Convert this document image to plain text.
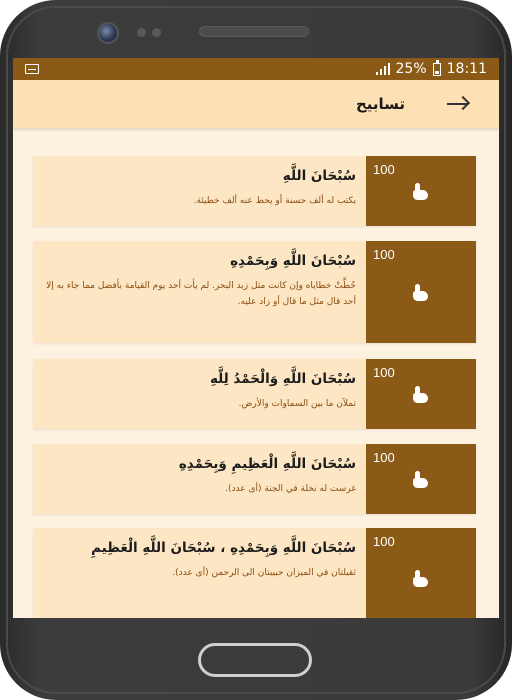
25% 18:11
تسابيح
سُبْحَانَ اللَّهِ
يكتب له ألف حسنة أو يحط عنه ألف خطيئة.
100
سُبْحَانَ اللَّهِ وَبِحَمْدِهِ
حُطَّتْ خطاياه وإن كانت مثل زبد البحر. لم يأت أحد يوم القيامة بأفضل مما جاء به إلا أحد قال مثل ما قال أو زاد عليه.
100
سُبْحَانَ اللَّهِ وَالْحَمْدُ لِلَّهِ
تملآن ما بين السماوات والأرض.
100
سُبْحَانَ اللَّهِ الْعَظِيمِ وَبِحَمْدِهِ
غرست له نخلة في الجنة (أى عدد).
100
سُبْحَانَ اللَّهِ وَبِحَمْدِهِ ، سُبْحَانَ اللَّهِ الْعَظِيمِ
ثقيلتان في الميزان حبيبتان الى الرحمن (أى عدد).
100
